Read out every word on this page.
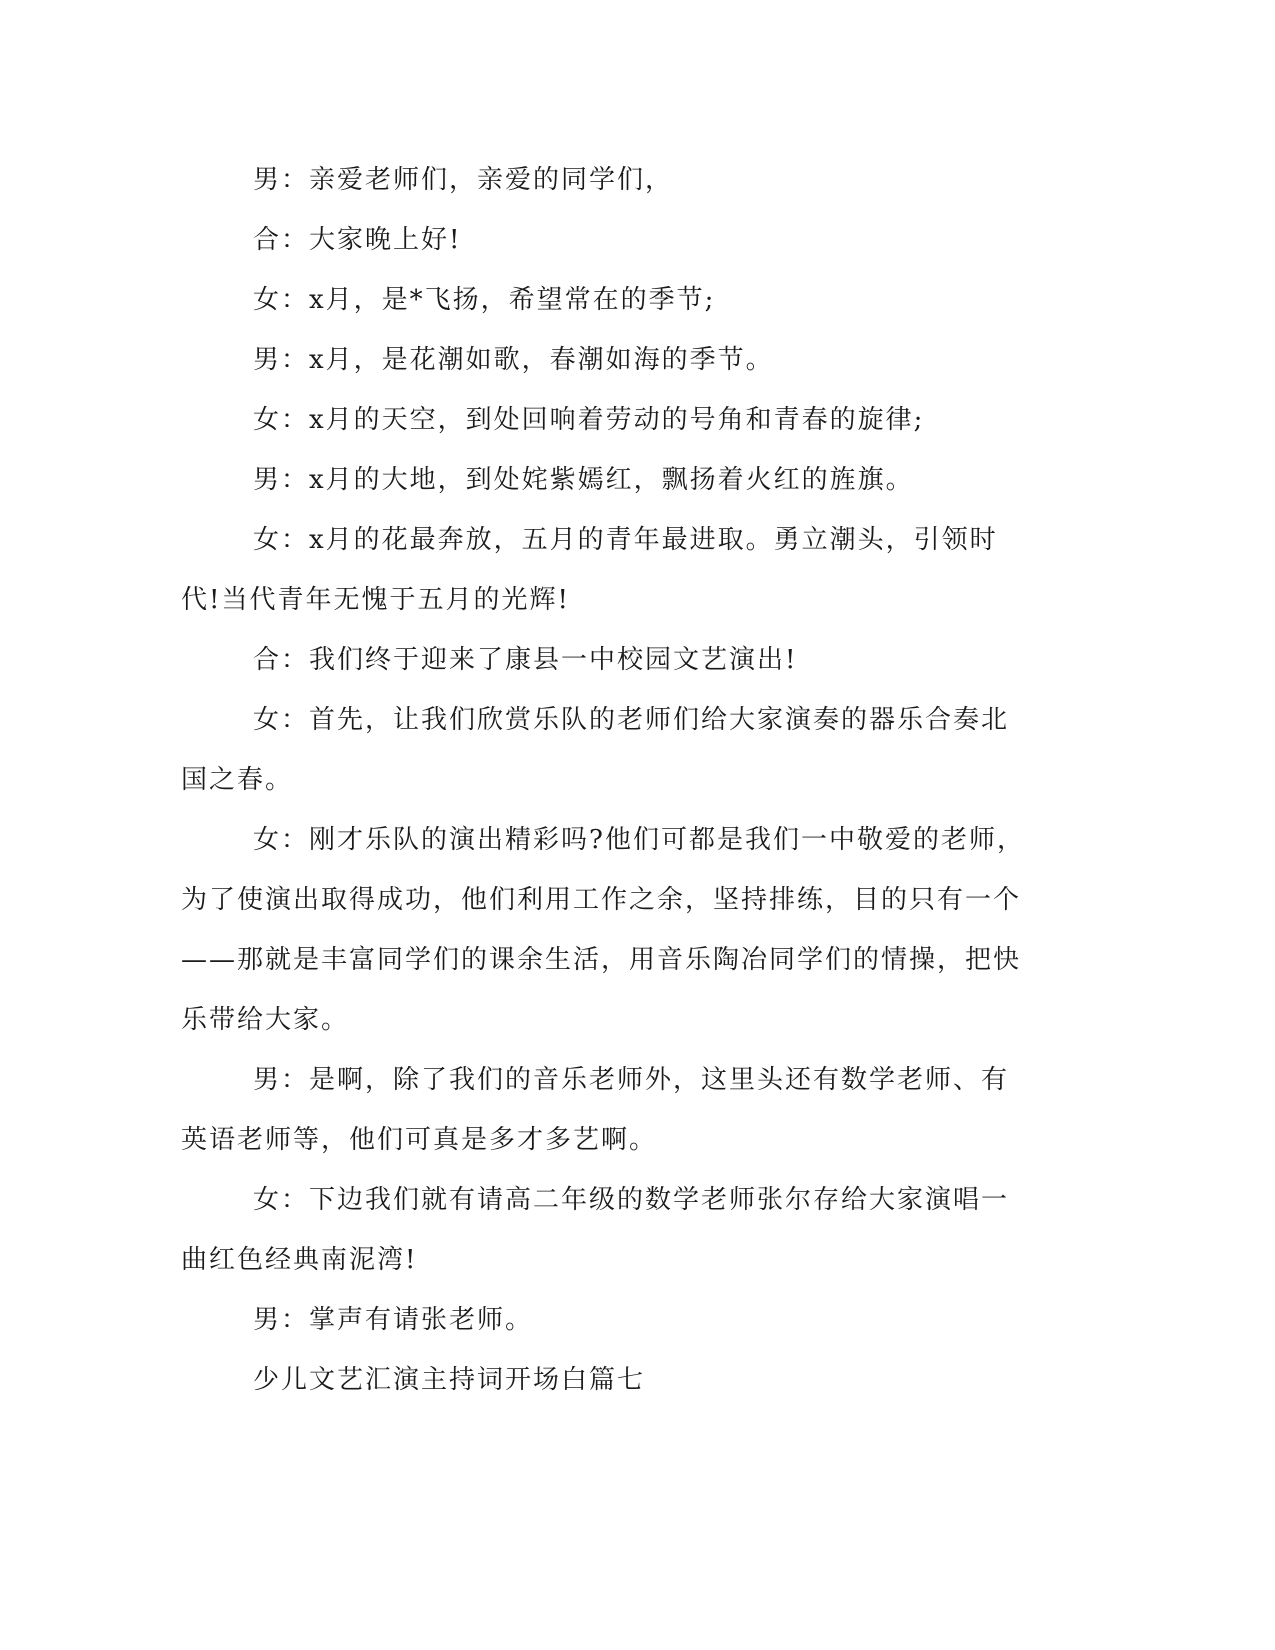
男：亲爱老师们，亲爱的同学们，

合：大家晚上好!

女：x月，是*飞扬，希望常在的季节;

男：x月，是花潮如歌，春潮如海的季节。

女：x月的天空，到处回响着劳动的号角和青春的旋律;

男：x月的大地，到处姹紫嫣红，飘扬着火红的旌旗。

女：x月的花最奔放，五月的青年最进取。勇立潮头，引领时代!当代青年无愧于五月的光辉!

合：我们终于迎来了康县一中校园文艺演出!

女：首先，让我们欣赏乐队的老师们给大家演奏的器乐合奏北国之春。

女：刚才乐队的演出精彩吗?他们可都是我们一中敬爱的老师，为了使演出取得成功，他们利用工作之余，坚持排练，目的只有一个——那就是丰富同学们的课余生活，用音乐陶冶同学们的情操，把快乐带给大家。

男：是啊，除了我们的音乐老师外，这里头还有数学老师、有英语老师等，他们可真是多才多艺啊。

女：下边我们就有请高二年级的数学老师张尔存给大家演唱一曲红色经典南泥湾!

男：掌声有请张老师。

少儿文艺汇演主持词开场白篇七
